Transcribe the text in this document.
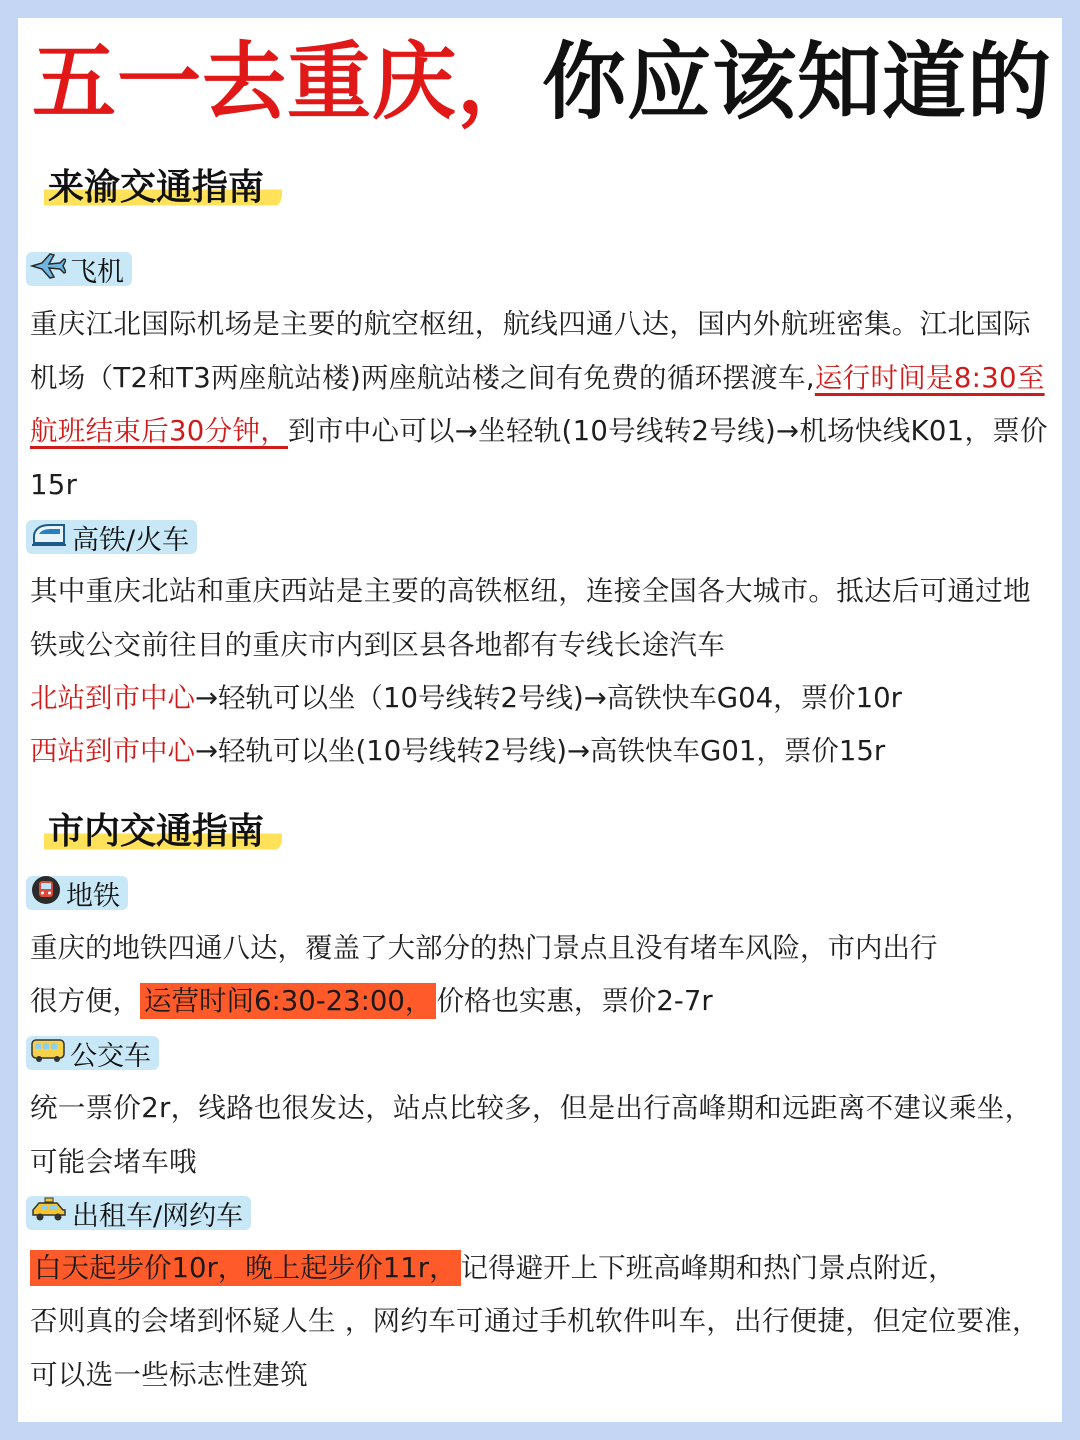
五一去重庆，你应该知道的
来渝交通指南
飞机
重庆江北国际机场是主要的航空枢纽，航线四通八达，国内外航班密集。江北国际机场（T2和T3两座航站楼)两座航站楼之间有免费的循环摆渡车,运行时间是8:30至航班结束后30分钟，到市中心可以→坐轻轨(10号线转2号线)→机场快线K01，票价15r
高铁/火车
其中重庆北站和重庆西站是主要的高铁枢纽，连接全国各大城市。抵达后可通过地铁或公交前往目的重庆市内到区县各地都有专线长途汽车
北站到市中心→轻轨可以坐（10号线转2号线)→高铁快车G04，票价10r
西站到市中心→轻轨可以坐(10号线转2号线)→高铁快车G01，票价15r
市内交通指南
地铁
重庆的地铁四通八达，覆盖了大部分的热门景点且没有堵车风险，市内出行
很方便， 运营时间6:30-23:00， 价格也实惠，票价2-7r
公交车
统一票价2r，线路也很发达，站点比较多，但是出行高峰期和远距离不建议乘坐，可能会堵车哦
出租车/网约车
白天起步价10r，晚上起步价11r， 记得避开上下班高峰期和热门景点附近，
否则真的会堵到怀疑人生 ，网约车可通过手机软件叫车，出行便捷，但定位要准，可以选一些标志性建筑
